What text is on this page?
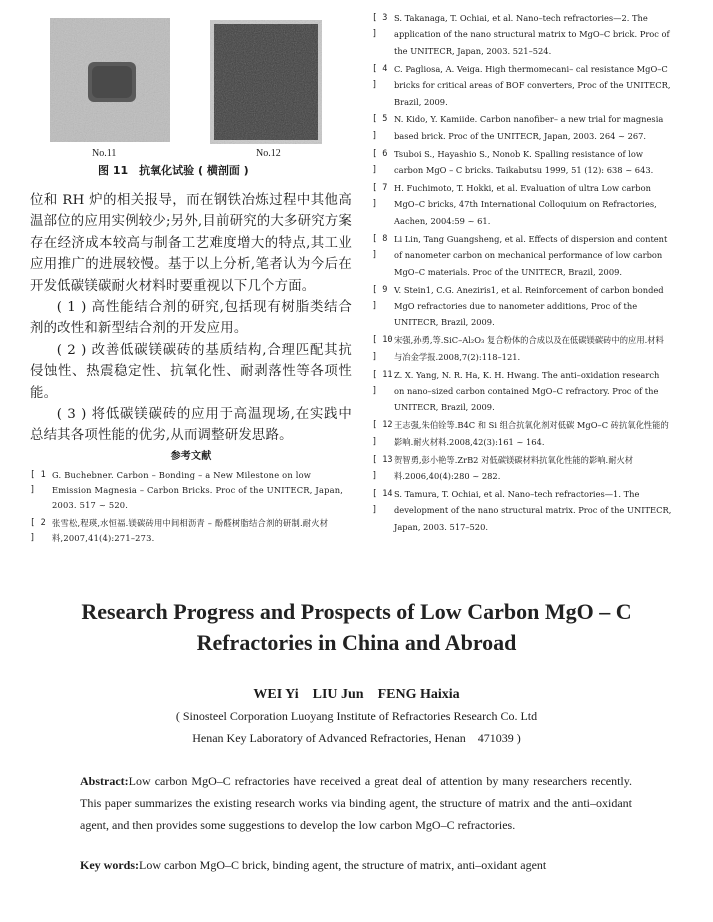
No.11	No.12
图 11　抗氧化试验 ( 横剖面 )

位和 RH 炉的相关报导，而在钢铁冶炼过程中其他高温部位的应用实例较少;另外,目前研究的大多研究方案存在经济成本较高与制备工艺难度增大的特点,其工业应用推广的进展较慢。基于以上分析,笔者认为今后在开发低碳镁碳耐火材料时要重视以下几个方面。

( 1 ) 高性能结合剂的研究,包括现有树脂类结合剂的改性和新型结合剂的开发应用。

( 2 ) 改善低碳镁碳砖的基质结构,合理匹配其抗侵蚀性、热震稳定性、抗氧化性、耐剥落性等各项性能。

( 3 ) 将低碳镁碳砖的应用于高温现场,在实践中总结其各项性能的优劣,从而调整研发思路。

参考文献
[ 1 ]
G. Buchebner. Carbon – Bonding – a New Milestone on low Emission Magnesia – Carbon Bricks. Proc of the UNITECR, Japan, 2003. 517 ~ 520.
[ 2 ]
张雪松,程瑛,水恒福.镁碳砖用中间相沥青 – 酚醛树脂结合剂的研制.耐火材料,2007,41(4):271–273.
[ 3 ]
S. Takanaga, T. Ochiai, et al. Nano–tech refractories—2. The application of the nano structural matrix to MgO–C brick. Proc of the UNITECR, Japan, 2003. 521–524.
[ 4 ]
C. Pagliosa, A. Veiga. High thermomecani– cal resistance MgO–C bricks for critical areas of BOF converters, Proc of the UNITECR, Brazil, 2009.
[ 5 ]
N. Kido, Y. Kamiide. Carbon nanofiber– a new trial for magnesia based brick. Proc of the UNITECR, Japan, 2003. 264 ~ 267.
[ 6 ]
Tsuboi S., Hayashio S., Nonob K. Spalling resistance of low carbon MgO – C bricks. Taikabutsu 1999, 51 (12): 638 ~ 643.
[ 7 ]
H. Fuchimoto, T. Hokki, et al. Evaluation of ultra Low carbon MgO–C bricks, 47th International Colloquium on Refractories, Aachen, 2004:59 ~ 61.
[ 8 ]
Li Lin, Tang Guangsheng, et al. Effects of dispersion and content of nanometer carbon on mechanical performance of low carbon MgO–C materials. Proc of the UNITECR, Brazil, 2009.
[ 9 ]
V. Stein1, C.G. Aneziris1, et al. Reinforcement of carbon bonded MgO refractories due to nanometer additions, Proc of the UNITECR, Brazil, 2009.
[ 10 ]
宋强,孙勇,等.SiC–Al₂O₃ 复合粉体的合成以及在低碳镁碳砖中的应用.材料与冶金学报.2008,7(2):118–121.
[ 11 ]
Z. X. Yang, N. R. Ha, K. H. Hwang. The anti–oxidation research on nano–sized carbon contained MgO–C refractory. Proc of the UNITECR, Brazil, 2009.
[ 12 ]
王志强,朱伯铨等.B4C 和 Si 组合抗氧化剂对低碳 MgO–C 砖抗氧化性能的影响.耐火材料.2008,42(3):161 ~ 164.
[ 13 ]
贺智勇,彭小艳等.ZrB2 对低碳镁碳材料抗氧化性能的影响.耐火材料.2006,40(4):280 ~ 282.
[ 14 ]
S. Tamura, T. Ochiai, et al. Nano–tech refractories—1. The development of the nano structural matrix. Proc of the UNITECR, Japan, 2003. 517–520.
Research Progress and Prospects of Low Carbon MgO – C
Refractories in China and Abroad
WEI Yi　LIU Jun　FENG Haixia
( Sinosteel Corporation Luoyang Institute of Refractories Research Co. Ltd
Henan Key Laboratory of Advanced Refractories, Henan　471039 )
Abstract:Low carbon MgO–C refractories have received a great deal of attention by many researchers recently. This paper summarizes the existing research works via binding agent, the structure of matrix and the anti–oxidant agent, and then provides some suggestions to develop the low carbon MgO–C refractories.
Key words:Low carbon MgO–C brick, binding agent, the structure of matrix, anti–oxidant agent
